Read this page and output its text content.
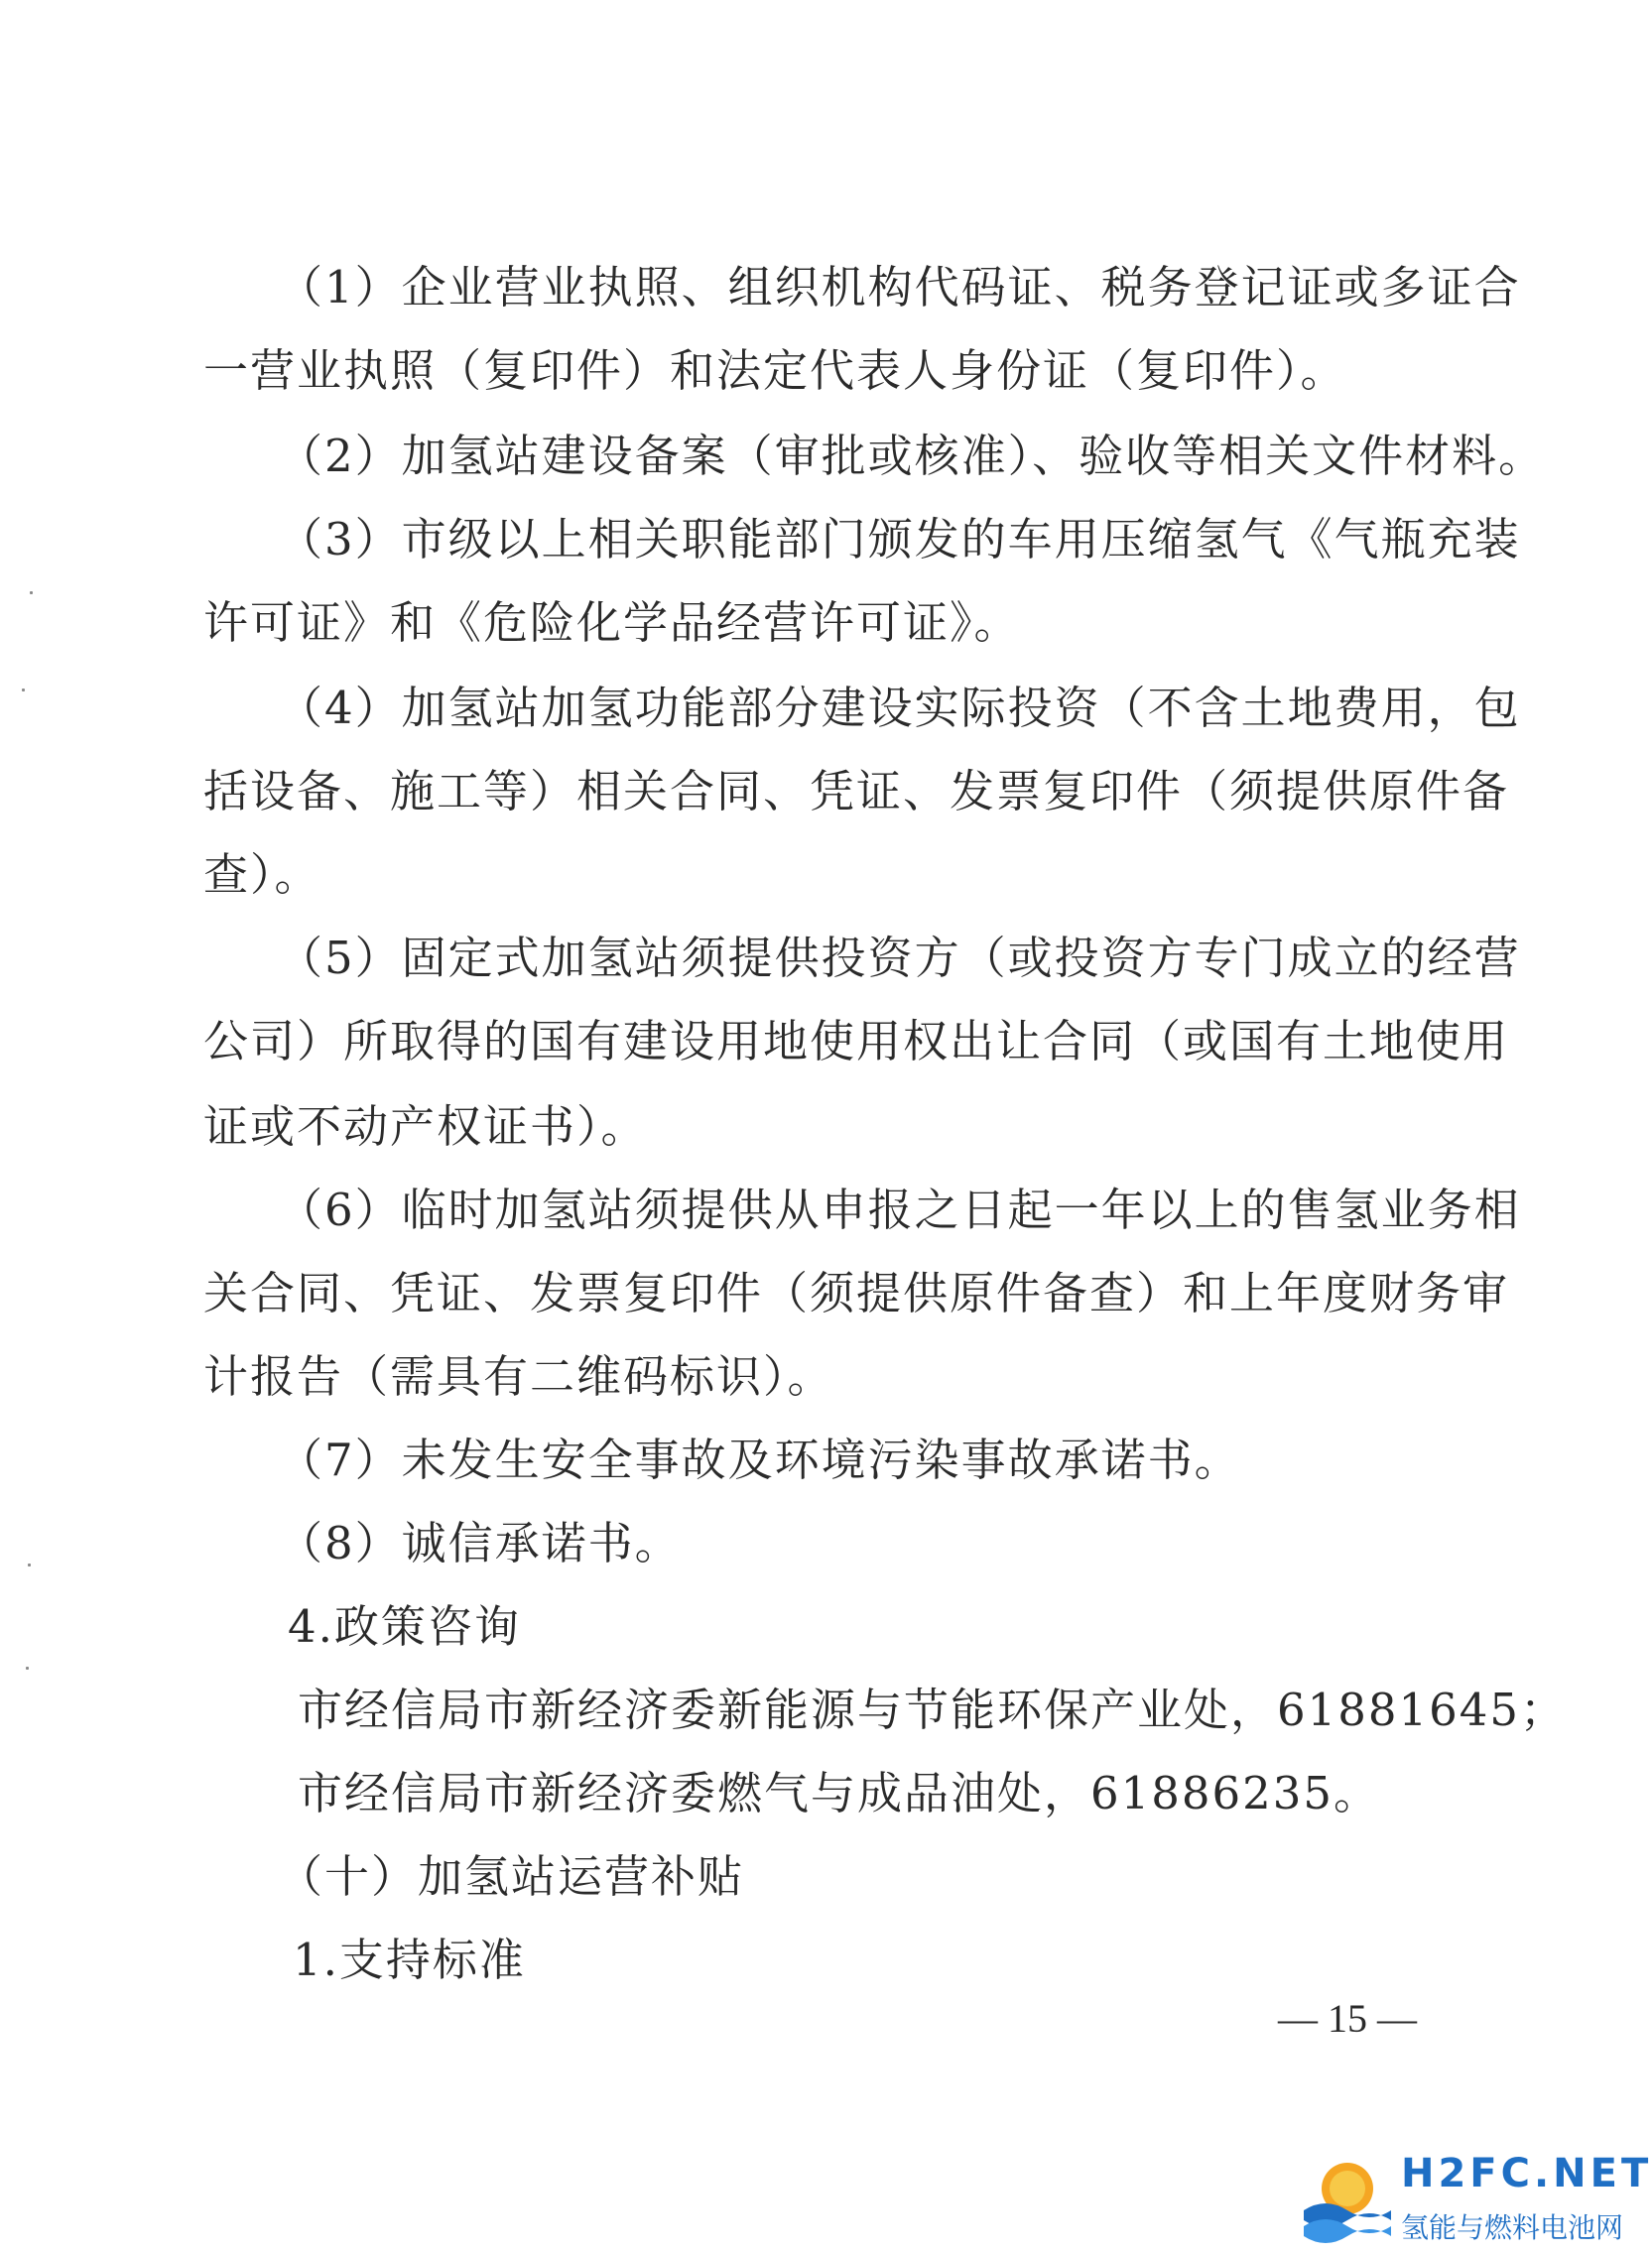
（1）企业营业执照、组织机构代码证、税务登记证或多证合
一营业执照（复印件）和法定代表人身份证（复印件）。
（2）加氢站建设备案（审批或核准）、验收等相关文件材料。
（3）市级以上相关职能部门颁发的车用压缩氢气《气瓶充装
许可证》和《危险化学品经营许可证》。
（4）加氢站加氢功能部分建设实际投资（不含土地费用，包
括设备、施工等）相关合同、凭证、发票复印件（须提供原件备
查）。
（5）固定式加氢站须提供投资方（或投资方专门成立的经营
公司）所取得的国有建设用地使用权出让合同（或国有土地使用
证或不动产权证书）。
（6）临时加氢站须提供从申报之日起一年以上的售氢业务相
关合同、凭证、发票复印件（须提供原件备查）和上年度财务审
计报告（需具有二维码标识）。
（7）未发生安全事故及环境污染事故承诺书。
（8）诚信承诺书。
4.政策咨询
市经信局市新经济委新能源与节能环保产业处，61881645；
市经信局市新经济委燃气与成品油处，61886235。
（十）加氢站运营补贴
1.支持标准
— 15 —
H2FC.NET
氢能与燃料电池网
